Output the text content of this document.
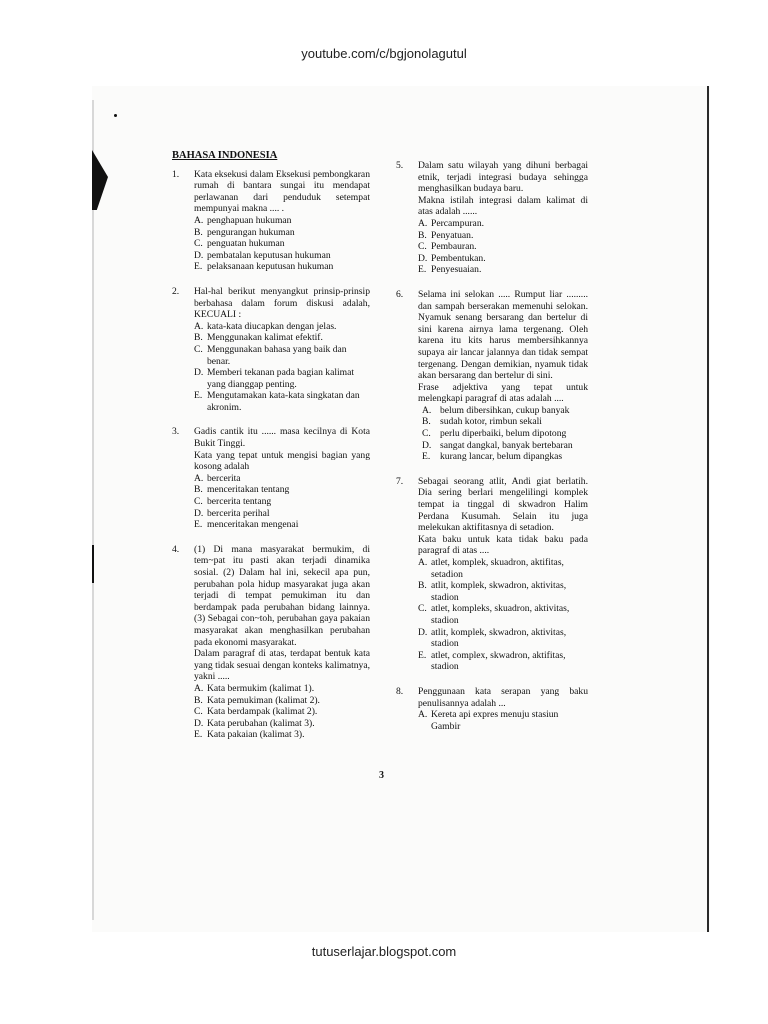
youtube.com/c/bgjonolagutul
BAHASA INDONESIA
1.	Kata eksekusi dalam Eksekusi pembongkaran rumah di bantara sungai itu mendapat perlawanan dari penduduk setempat mempunyai makna .... .

A. penghapuan hukuman
B. pengurangan hukuman
C. penguatan hukuman
D. pembatalan keputusan hukuman
E. pelaksanaan keputusan hukuman
2.	Hal-hal berikut menyangkut prinsip-prinsip berbahasa dalam forum diskusi adalah, KECUALI :

A. kata-kata diucapkan dengan jelas.
B. Menggunakan kalimat efektif.
C. Menggunakan bahasa yang baik dan benar.
D. Memberi tekanan pada bagian kalimat yang dianggap penting.
E. Mengutamakan kata-kata singkatan dan akronim.
3.	Gadis cantik itu ...... masa kecilnya di Kota Bukit Tinggi.

Kata yang tepat untuk mengisi bagian yang kosong adalah

A. bercerita
B. menceritakan tentang
C. bercerita tentang
D. bercerita perihal
E. menceritakan mengenai
4.	(1) Di mana masyarakat bermukim, di tem~pat itu pasti akan terjadi dinamika sosial. (2) Dalam hal ini, sekecil apa pun, perubahan pola hidup masyarakat juga akan terjadi di tempat pemukiman itu dan berdampak pada perubahan bidang lainnya. (3) Sebagai con~toh, perubahan gaya pakaian masyarakat akan menghasilkan perubahan pada ekonomi masyarakat.

Dalam paragraf di atas, terdapat bentuk kata yang tidak sesuai dengan konteks kalimatnya, yakni .....

A. Kata bermukim (kalimat 1).
B. Kata pemukiman (kalimat 2).
C. Kata berdampak (kalimat 2).
D. Kata perubahan (kalimat 3).
E. Kata pakaian (kalimat 3).
5.	Dalam satu wilayah yang dihuni berbagai etnik, terjadi integrasi budaya sehingga menghasilkan budaya baru.

Makna istilah integrasi dalam kalimat di atas adalah ......

A. Percampuran.
B. Penyatuan.
C. Pembauran.
D. Pembentukan.
E. Penyesuaian.
6.	Selama ini selokan ..... Rumput liar ......... dan sampah berserakan memenuhi selokan. Nyamuk senang bersarang dan bertelur di sini karena airnya lama tergenang. Oleh karena itu kits harus membersihkannya supaya air lancar jalannya dan tidak sempat tergenang. Dengan demikian, nyamuk tidak akan bersarang dan bertelur di sini.

Frase adjektiva yang tepat untuk melengkapi paragraf di atas adalah ....

A. belum dibersihkan, cukup banyak
B. sudah kotor, rimbun sekali
C. perlu diperbaiki, belum dipotong
D. sangat dangkal, banyak bertebaran
E.	kurang lancar, belum dipangkas
7.	Sebagai seorang atlit, Andi giat berlatih. Dia sering berlari mengelilingi komplek tempat ia tinggal di skwadron Halim Perdana Kusumah. Selain itu juga melekukan aktifitasnya di setadion.

Kata baku untuk kata tidak baku pada paragraf di atas ....

A. atlet, komplek, skuadron, aktifitas, setadion
B. atlit, komplek, skwadron, aktivitas, stadion
C. atlet, kompleks, skuadron, aktivitas, stadion
D. atlit, komplek, skwadron, aktivitas, stadion
E. atlet, complex, skwadron, aktifitas, stadion
8.	Penggunaan kata serapan yang baku penulisannya adalah ...

A. Kereta api expres menuju stasiun Gambir
3
tutuserlajar.blogspot.com
